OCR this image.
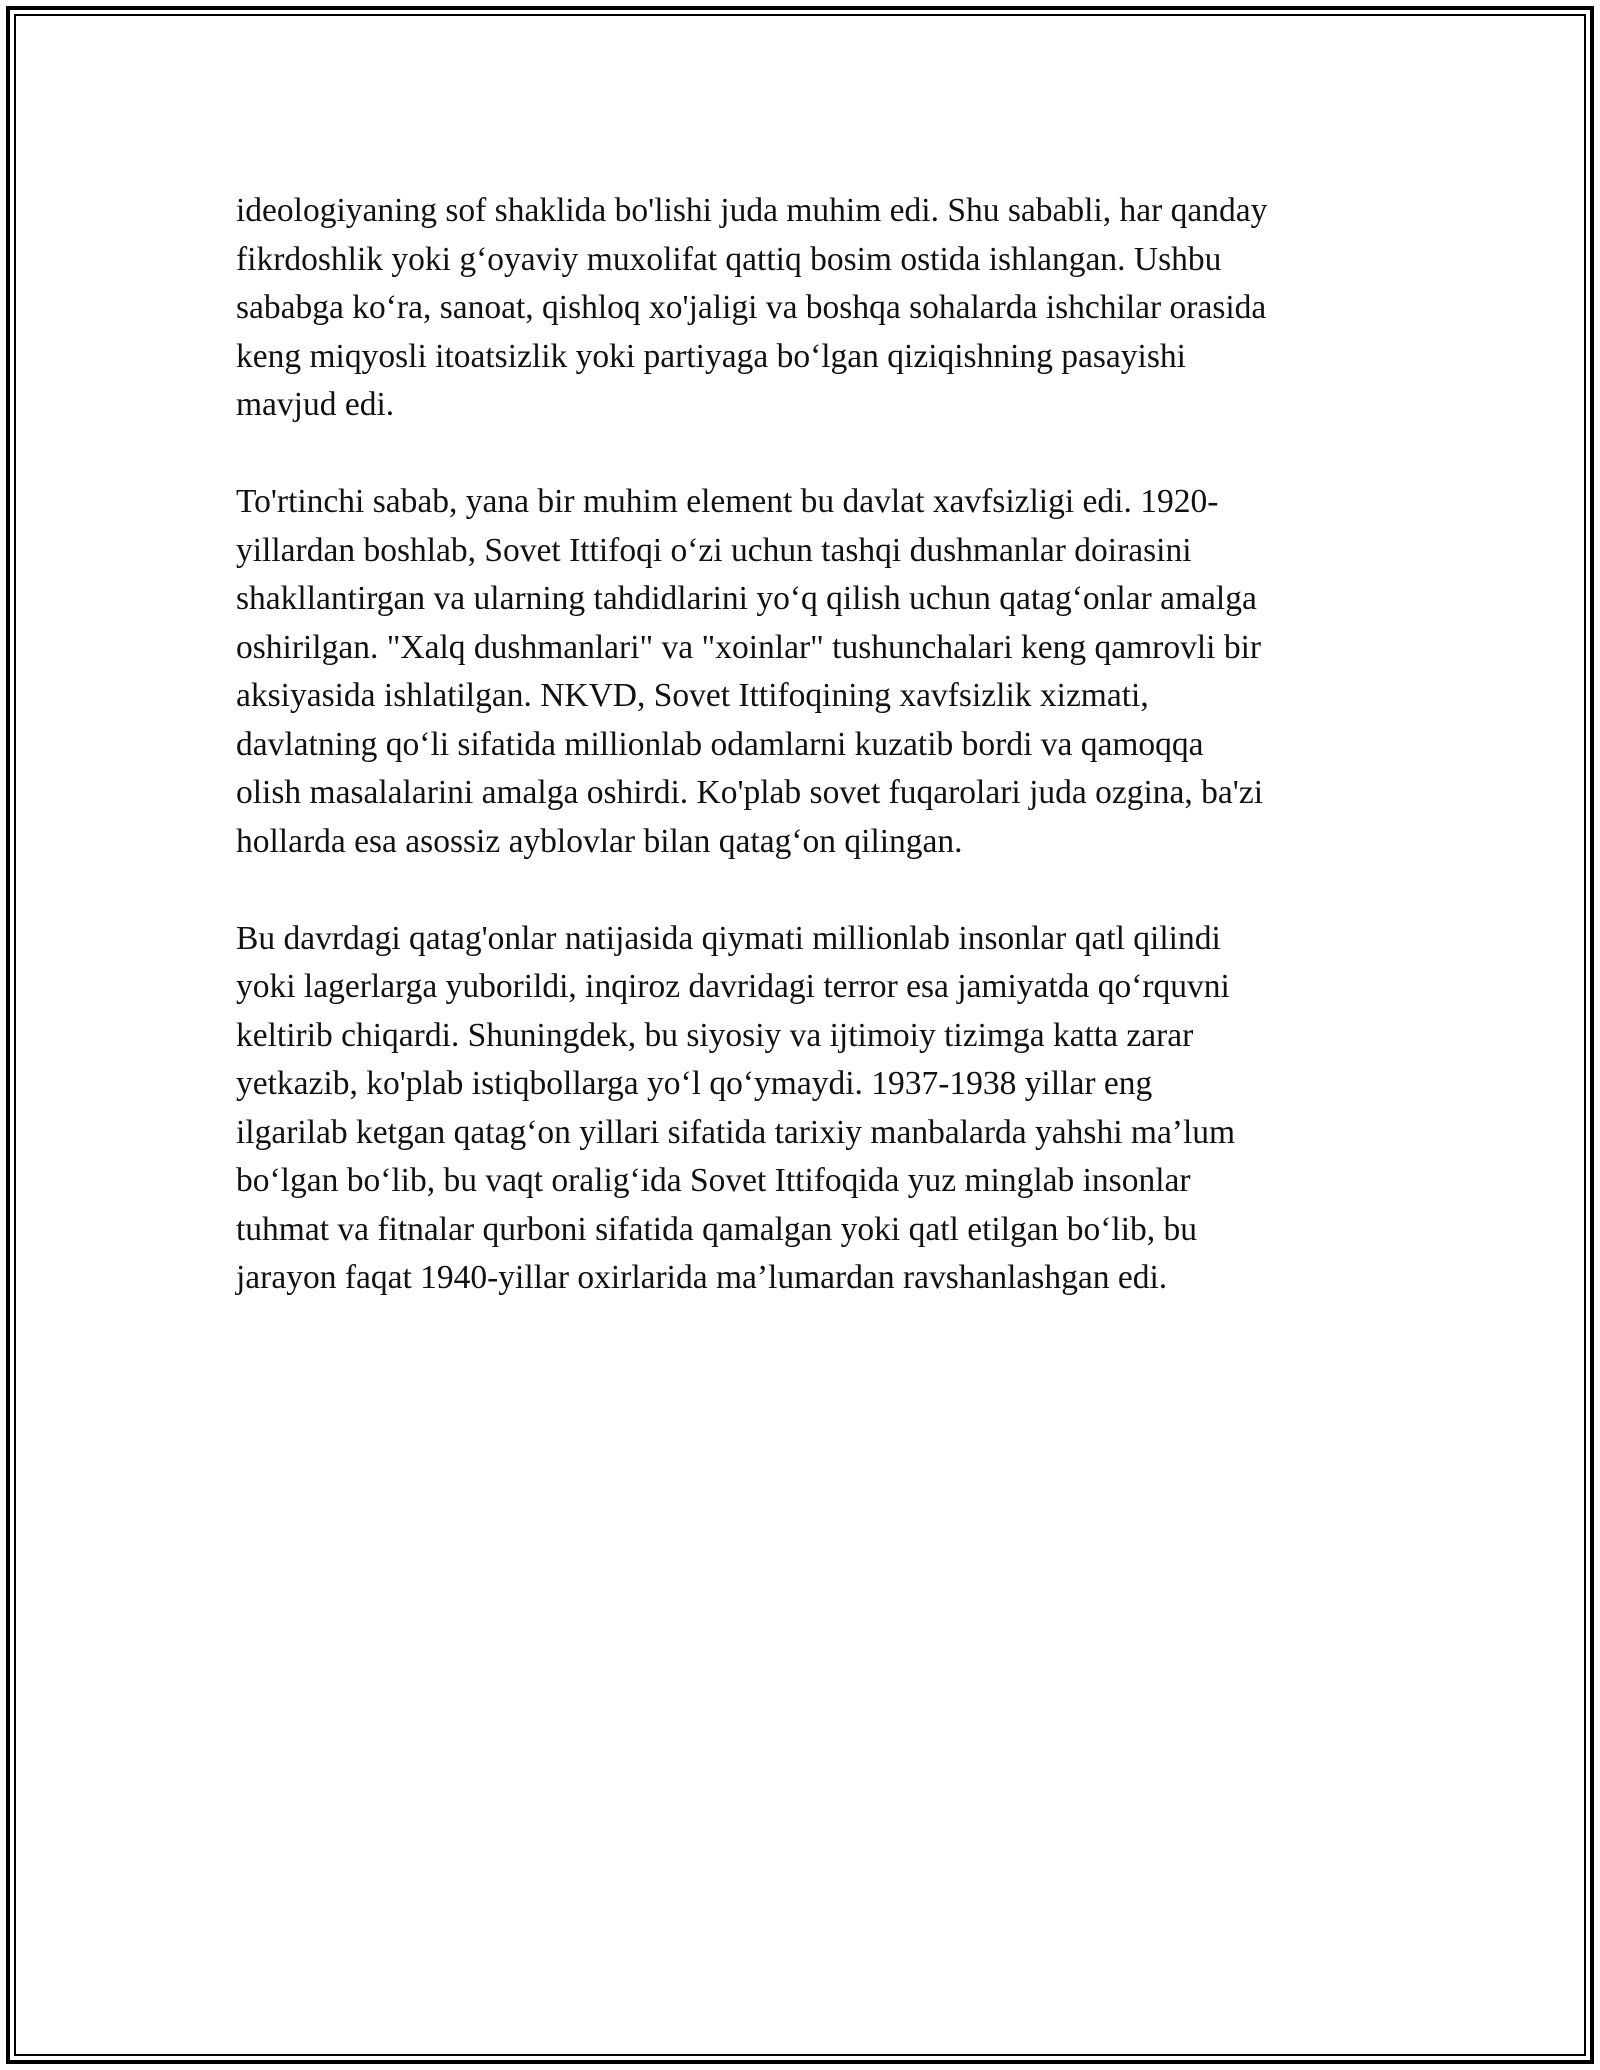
ideologiyaning sof shaklida bo'lishi juda muhim edi. Shu sababli, har qanday
fikrdoshlik yoki g‘oyaviy muxolifat qattiq bosim ostida ishlangan. Ushbu
sababga ko‘ra, sanoat, qishloq xo'jaligi va boshqa sohalarda ishchilar orasida
keng miqyosli itoatsizlik yoki partiyaga bo‘lgan qiziqishning pasayishi
mavjud edi.

To'rtinchi sabab, yana bir muhim element bu davlat xavfsizligi edi. 1920-
yillardan boshlab, Sovet Ittifoqi o‘zi uchun tashqi dushmanlar doirasini
shakllantirgan va ularning tahdidlarini yo‘q qilish uchun qatag‘onlar amalga
oshirilgan. "Xalq dushmanlari" va "xoinlar" tushunchalari keng qamrovli bir
aksiyasida ishlatilgan. NKVD, Sovet Ittifoqining xavfsizlik xizmati,
davlatning qo‘li sifatida millionlab odamlarni kuzatib bordi va qamoqqa
olish masalalarini amalga oshirdi. Ko'plab sovet fuqarolari juda ozgina, ba'zi
hollarda esa asossiz ayblovlar bilan qatag‘on qilingan.

Bu davrdagi qatag'onlar natijasida qiymati millionlab insonlar qatl qilindi
yoki lagerlarga yuborildi, inqiroz davridagi terror esa jamiyatda qo‘rquvni
keltirib chiqardi. Shuningdek, bu siyosiy va ijtimoiy tizimga katta zarar
yetkazib, ko'plab istiqbollarga yo‘l qo‘ymaydi. 1937-1938 yillar eng
ilgarilab ketgan qatag‘on yillari sifatida tarixiy manbalarda yahshi ma’lum
bo‘lgan bo‘lib, bu vaqt oralig‘ida Sovet Ittifoqida yuz minglab insonlar
tuhmat va fitnalar qurboni sifatida qamalgan yoki qatl etilgan bo‘lib, bu
jarayon faqat 1940-yillar oxirlarida ma’lumardan ravshanlashgan edi.
